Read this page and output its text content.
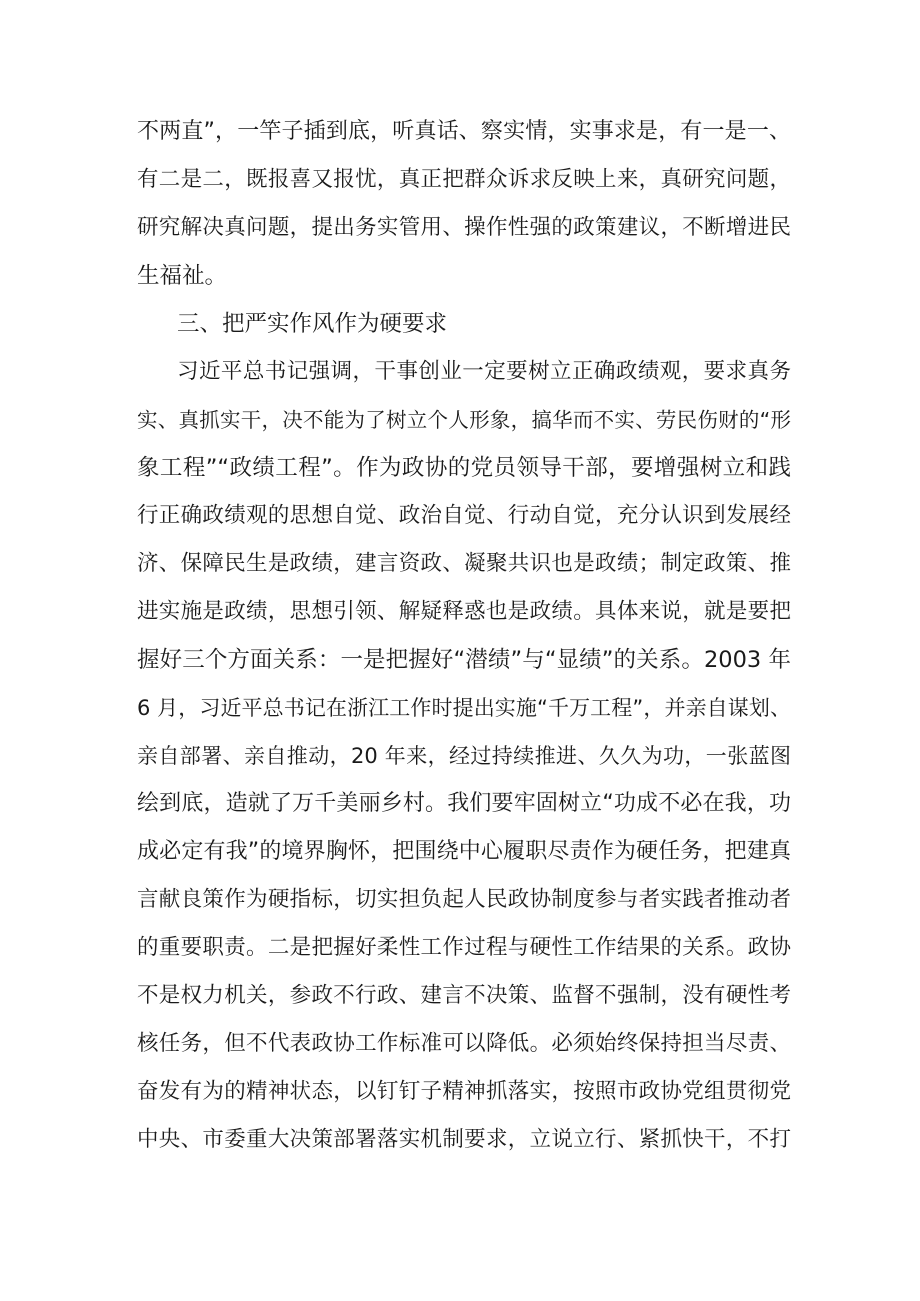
不两直”，一竿子插到底，听真话、察实情，实事求是，有一是一、
有二是二，既报喜又报忧，真正把群众诉求反映上来，真研究问题，
研究解决真问题，提出务实管用、操作性强的政策建议，不断增进民
生福祉。
三、把严实作风作为硬要求
习近平总书记强调，干事创业一定要树立正确政绩观，要求真务
实、真抓实干，决不能为了树立个人形象，搞华而不实、劳民伤财的“形
象工程”“政绩工程”。作为政协的党员领导干部，要增强树立和践
行正确政绩观的思想自觉、政治自觉、行动自觉，充分认识到发展经
济、保障民生是政绩，建言资政、凝聚共识也是政绩；制定政策、推
进实施是政绩，思想引领、解疑释惑也是政绩。具体来说，就是要把
握好三个方面关系：一是把握好“潜绩”与“显绩”的关系。2003 年
6 月，习近平总书记在浙江工作时提出实施“千万工程”，并亲自谋划、
亲自部署、亲自推动，20 年来，经过持续推进、久久为功，一张蓝图
绘到底，造就了万千美丽乡村。我们要牢固树立“功成不必在我，功
成必定有我”的境界胸怀，把围绕中心履职尽责作为硬任务，把建真
言献良策作为硬指标，切实担负起人民政协制度参与者实践者推动者
的重要职责。二是把握好柔性工作过程与硬性工作结果的关系。政协
不是权力机关，参政不行政、建言不决策、监督不强制，没有硬性考
核任务，但不代表政协工作标准可以降低。必须始终保持担当尽责、
奋发有为的精神状态，以钉钉子精神抓落实，按照市政协党组贯彻党
中央、市委重大决策部署落实机制要求，立说立行、紧抓快干，不打
